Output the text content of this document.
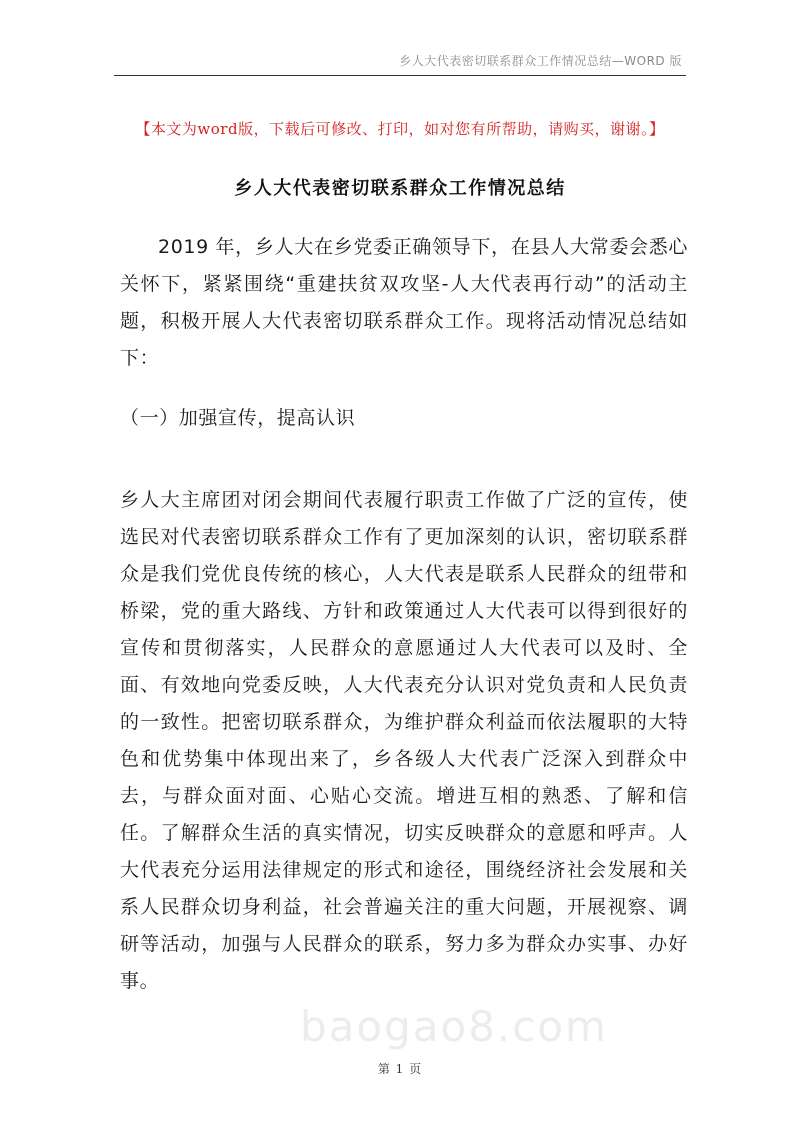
乡人大代表密切联系群众工作情况总结—WORD 版
【本文为word版，下载后可修改、打印，如对您有所帮助，请购买，谢谢。】
乡人大代表密切联系群众工作情况总结

2019 年，乡人大在乡党委正确领导下，在县人大常委会悉心关怀下，紧紧围绕“重建扶贫双攻坚-人大代表再行动”的活动主题，积极开展人大代表密切联系群众工作。现将活动情况总结如下：

（一）加强宣传，提高认识

乡人大主席团对闭会期间代表履行职责工作做了广泛的宣传，使选民对代表密切联系群众工作有了更加深刻的认识，密切联系群众是我们党优良传统的核心，人大代表是联系人民群众的纽带和桥梁，党的重大路线、方针和政策通过人大代表可以得到很好的宣传和贯彻落实，人民群众的意愿通过人大代表可以及时、全面、有效地向党委反映，人大代表充分认识对党负责和人民负责的一致性。把密切联系群众，为维护群众利益而依法履职的大特色和优势集中体现出来了，乡各级人大代表广泛深入到群众中去，与群众面对面、心贴心交流。增进互相的熟悉、了解和信任。了解群众生活的真实情况，切实反映群众的意愿和呼声。人大代表充分运用法律规定的形式和途径，围绕经济社会发展和关系人民群众切身利益，社会普遍关注的重大问题，开展视察、调研等活动，加强与人民群众的联系，努力多为群众办实事、办好事。

baogao8.com
第 1 页
